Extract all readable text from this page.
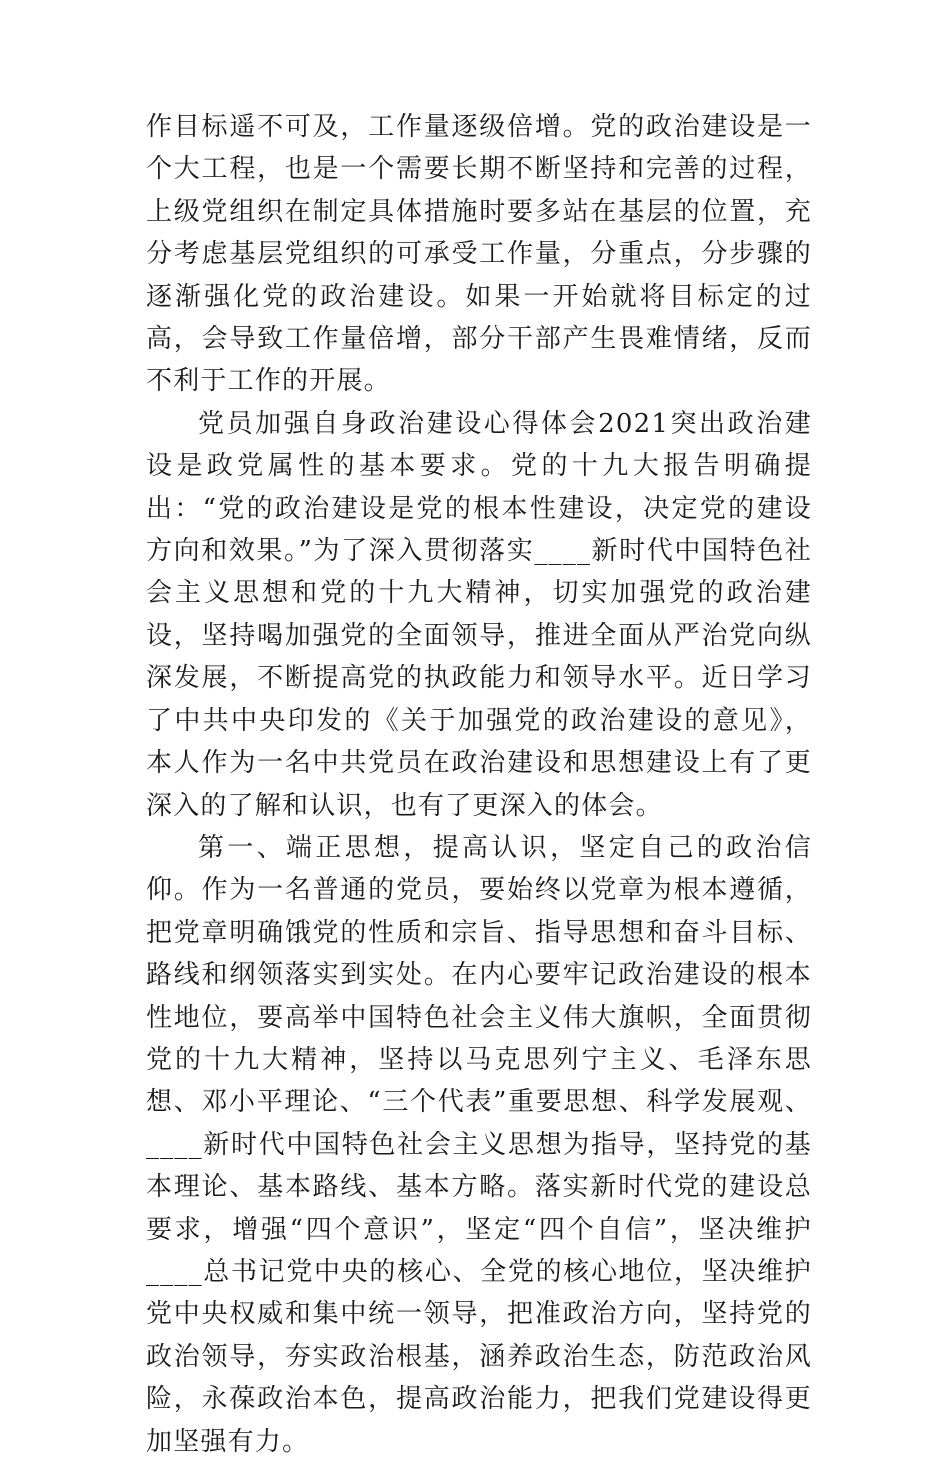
作目标遥不可及，工作量逐级倍增。党的政治建设是一个大工程，也是一个需要长期不断坚持和完善的过程，上级党组织在制定具体措施时要多站在基层的位置，充分考虑基层党组织的可承受工作量，分重点，分步骤的逐渐强化党的政治建设。如果一开始就将目标定的过高，会导致工作量倍增，部分干部产生畏难情绪，反而不利于工作的开展。

党员加强自身政治建设心得体会2021突出政治建设是政党属性的基本要求。党的十九大报告明确提出：“党的政治建设是党的根本性建设，决定党的建设方向和效果。”为了深入贯彻落实____新时代中国特色社会主义思想和党的十九大精神，切实加强党的政治建设，坚持喝加强党的全面领导，推进全面从严治党向纵深发展，不断提高党的执政能力和领导水平。近日学习了中共中央印发的《关于加强党的政治建设的意见》，本人作为一名中共党员在政治建设和思想建设上有了更深入的了解和认识，也有了更深入的体会。

第一、端正思想，提高认识，坚定自己的政治信仰。作为一名普通的党员，要始终以党章为根本遵循，把党章明确饿党的性质和宗旨、指导思想和奋斗目标、路线和纲领落实到实处。在内心要牢记政治建设的根本性地位，要高举中国特色社会主义伟大旗帜，全面贯彻党的十九大精神，坚持以马克思列宁主义、毛泽东思想、邓小平理论、“三个代表”重要思想、科学发展观、____新时代中国特色社会主义思想为指导，坚持党的基本理论、基本路线、基本方略。落实新时代党的建设总要求，增强“四个意识”，坚定“四个自信”，坚决维护____总书记党中央的核心、全党的核心地位，坚决维护党中央权威和集中统一领导，把准政治方向，坚持党的政治领导，夯实政治根基，涵养政治生态，防范政治风险，永葆政治本色，提高政治能力，把我们党建设得更加坚强有力。
